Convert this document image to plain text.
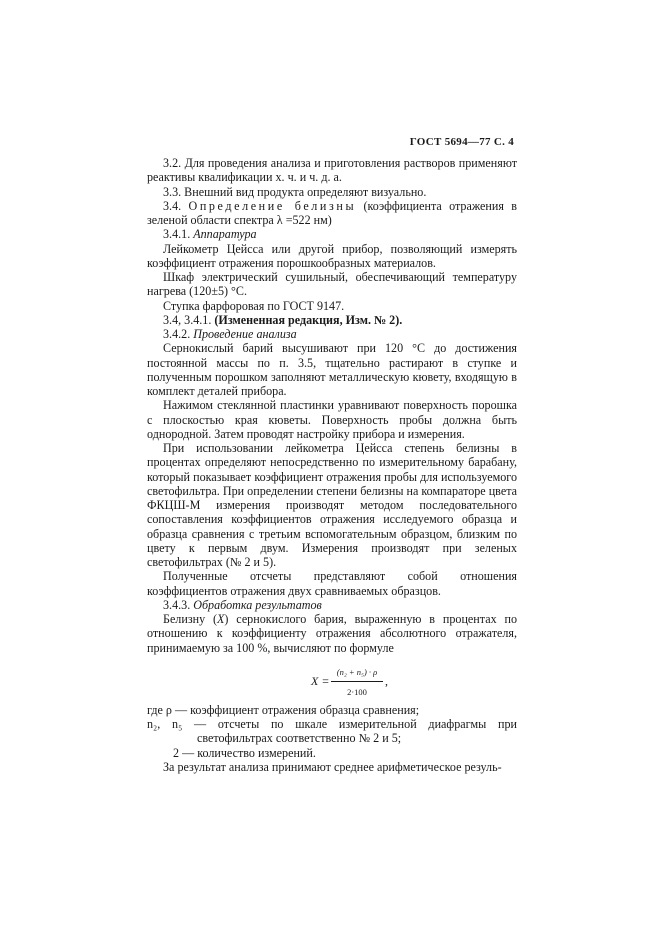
ГОСТ 5694—77 С. 4

3.2. Для проведения анализа и приготовления растворов применяют реактивы квалификации х. ч. и ч. д. а.

3.3. Внешний вид продукта определяют визуально.

3.4. Определение белизны (коэффициента отражения в зеленой области спектра λ =522 нм)

3.4.1. Аппаратура

Лейкометр Цейсса или другой прибор, позволяющий измерять коэффициент отражения порошкообразных материалов.

Шкаф электрический сушильный, обеспечивающий температуру нагрева (120±5) °С.

Ступка фарфоровая по ГОСТ 9147.

3.4, 3.4.1. (Измененная редакция, Изм. № 2).

3.4.2. Проведение анализа

Сернокислый барий высушивают при 120 °С до достижения постоянной массы по п. 3.5, тщательно растирают в ступке и полученным порошком заполняют металлическую кювету, входящую в комплект деталей прибора.

Нажимом стеклянной пластинки уравнивают поверхность порошка с плоскостью края кюветы. Поверхность пробы должна быть однородной. Затем проводят настройку прибора и измерения.

При использовании лейкометра Цейсса степень белизны в процентах определяют непосредственно по измерительному барабану, который показывает коэффициент отражения пробы для используемого светофильтра. При определении степени белизны на компараторе цвета ФКЦШ-М измерения производят методом последовательного сопоставления коэффициентов отражения исследуемого образца и образца сравнения с третьим вспомогательным образцом, близким по цвету к первым двум. Измерения производят при зеленых светофильтрах (№ 2 и 5).

Полученные отсчеты представляют собой отношения коэффициентов отражения двух сравниваемых образцов.

3.4.3. Обработка результатов

Белизну (X) сернокислого бария, выраженную в процентах по отношению к коэффициенту отражения абсолютного отражателя, принимаемую за 100 %, вычисляют по формуле

$X = \frac{\text{(n₂ + n₅) · ρ}}{2\cdot 100}$ ,

где ρ — коэффициент отражения образца сравнения;

n₂, n₅ — отсчеты по шкале измерительной диафрагмы при светофильтрах соответственно № 2 и 5;

2 — количество измерений.

За результат анализа принимают среднее арифметическое резуль-
